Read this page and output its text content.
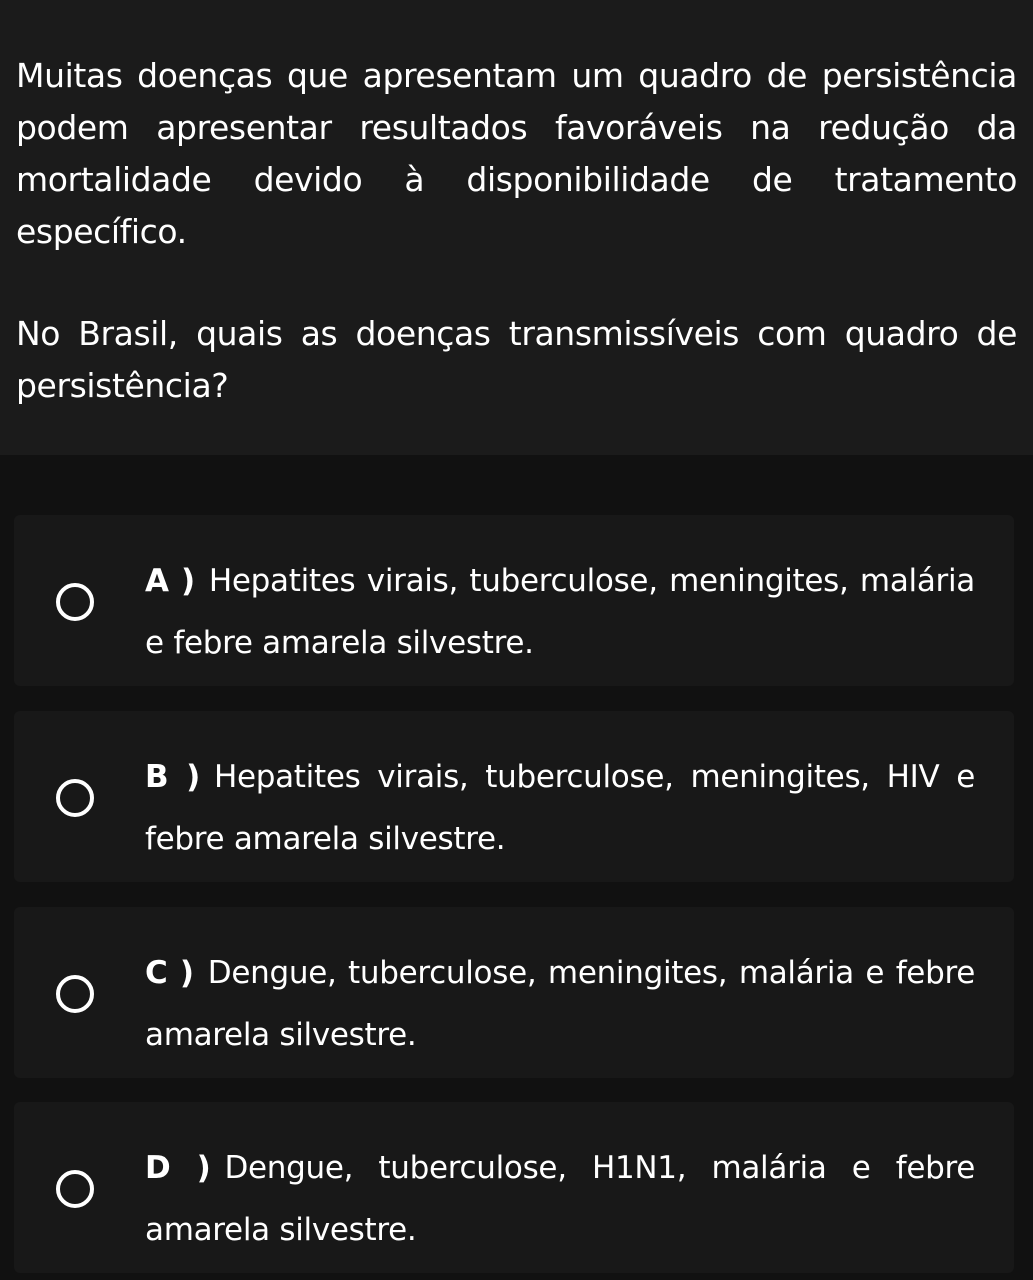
Muitas doenças que apresentam um quadro de persistência podem apresentar resultados favoráveis na redução da mortalidade devido à disponibilidade de tratamento específico.

No Brasil, quais as doenças transmissíveis com quadro de persistência?

A ) Hepatites virais, tuberculose, meningites, malária e febre amarela silvestre.

B ) Hepatites virais, tuberculose, meningites, HIV e febre amarela silvestre.

C ) Dengue, tuberculose, meningites, malária e febre amarela silvestre.

D ) Dengue, tuberculose, H1N1, malária e febre amarela silvestre.
